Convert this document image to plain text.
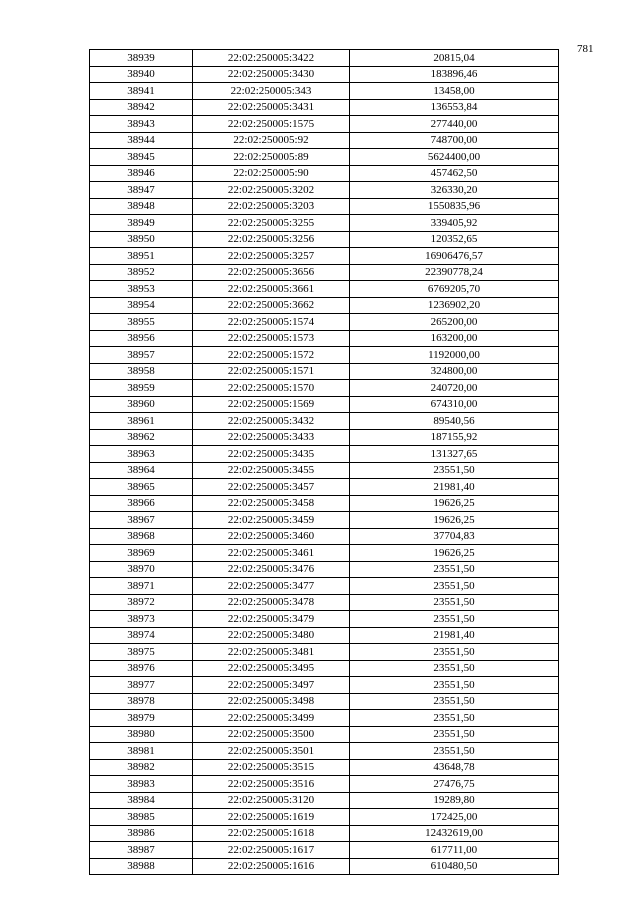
781
38939	22:02:250005:3422	20815,04
38940	22:02:250005:3430	183896,46
38941	22:02:250005:343	13458,00
38942	22:02:250005:3431	136553,84
38943	22:02:250005:1575	277440,00
38944	22:02:250005:92	748700,00
38945	22:02:250005:89	5624400,00
38946	22:02:250005:90	457462,50
38947	22:02:250005:3202	326330,20
38948	22:02:250005:3203	1550835,96
38949	22:02:250005:3255	339405,92
38950	22:02:250005:3256	120352,65
38951	22:02:250005:3257	16906476,57
38952	22:02:250005:3656	22390778,24
38953	22:02:250005:3661	6769205,70
38954	22:02:250005:3662	1236902,20
38955	22:02:250005:1574	265200,00
38956	22:02:250005:1573	163200,00
38957	22:02:250005:1572	1192000,00
38958	22:02:250005:1571	324800,00
38959	22:02:250005:1570	240720,00
38960	22:02:250005:1569	674310,00
38961	22:02:250005:3432	89540,56
38962	22:02:250005:3433	187155,92
38963	22:02:250005:3435	131327,65
38964	22:02:250005:3455	23551,50
38965	22:02:250005:3457	21981,40
38966	22:02:250005:3458	19626,25
38967	22:02:250005:3459	19626,25
38968	22:02:250005:3460	37704,83
38969	22:02:250005:3461	19626,25
38970	22:02:250005:3476	23551,50
38971	22:02:250005:3477	23551,50
38972	22:02:250005:3478	23551,50
38973	22:02:250005:3479	23551,50
38974	22:02:250005:3480	21981,40
38975	22:02:250005:3481	23551,50
38976	22:02:250005:3495	23551,50
38977	22:02:250005:3497	23551,50
38978	22:02:250005:3498	23551,50
38979	22:02:250005:3499	23551,50
38980	22:02:250005:3500	23551,50
38981	22:02:250005:3501	23551,50
38982	22:02:250005:3515	43648,78
38983	22:02:250005:3516	27476,75
38984	22:02:250005:3120	19289,80
38985	22:02:250005:1619	172425,00
38986	22:02:250005:1618	12432619,00
38987	22:02:250005:1617	617711,00
38988	22:02:250005:1616	610480,50
